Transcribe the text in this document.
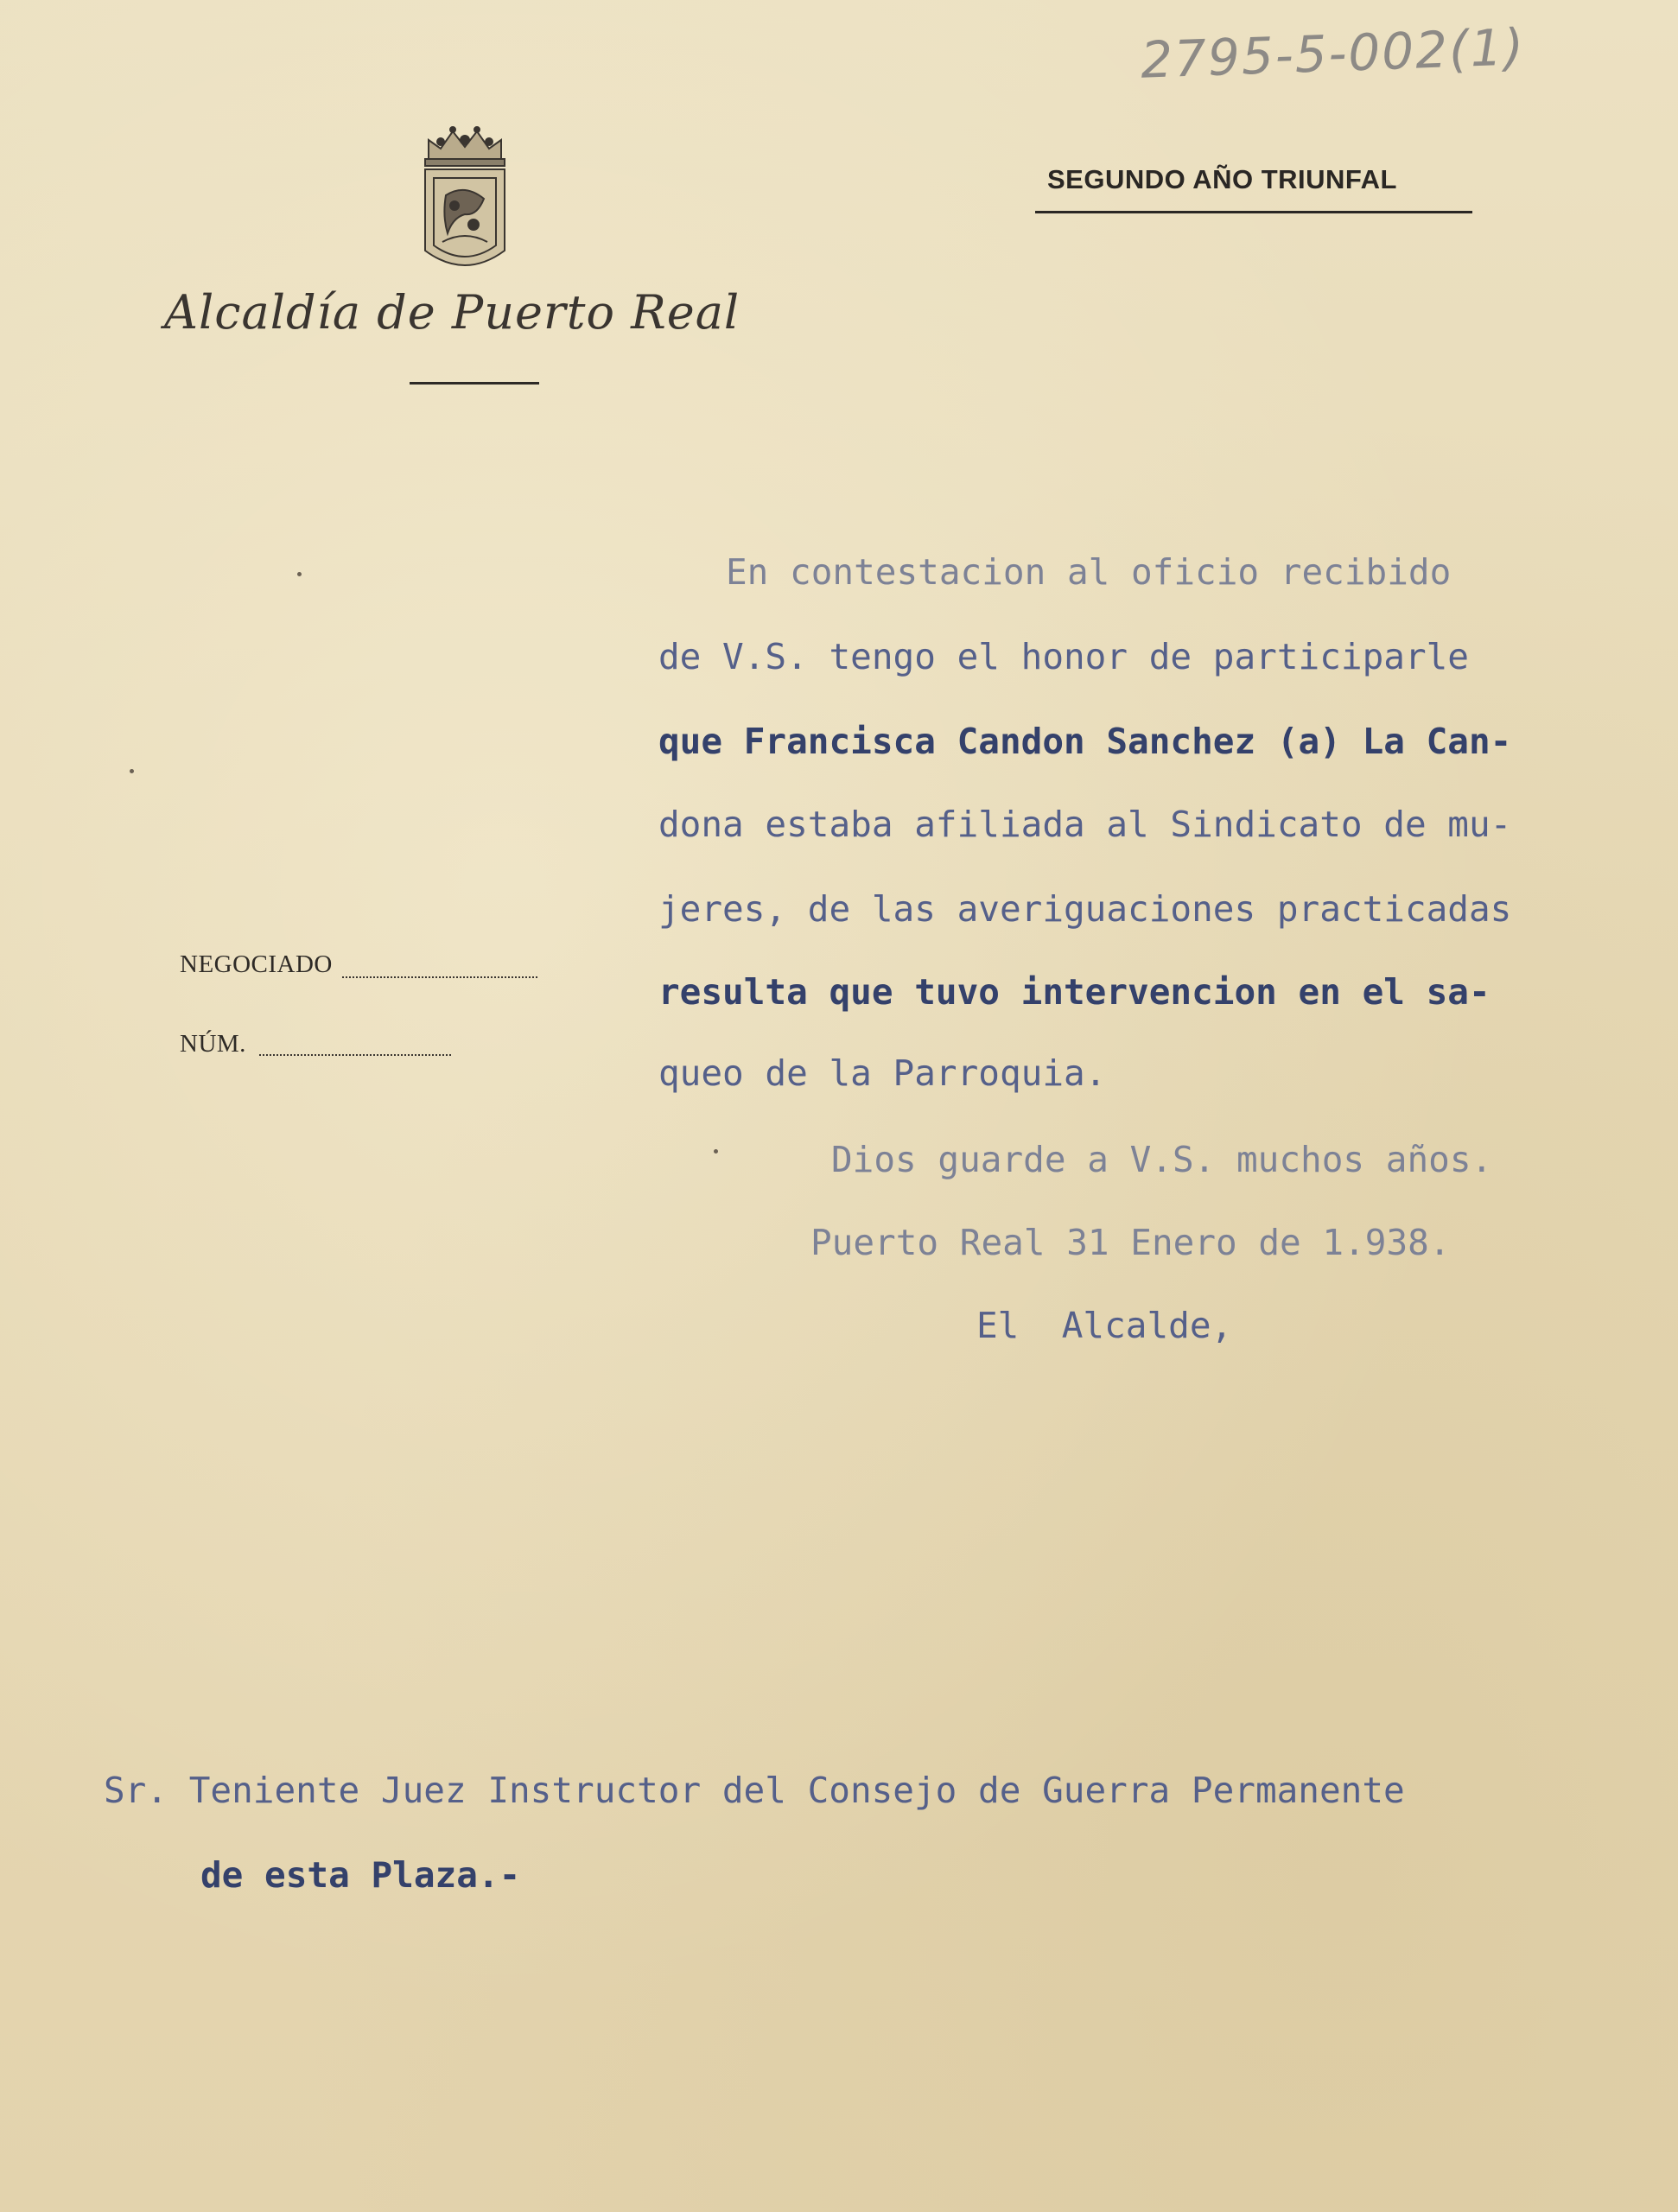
2795-5-002(1)
Alcaldía de Puerto Real
SEGUNDO AÑO TRIUNFAL
NEGOCIADO
NÚM.
En contestacion al oficio recibido
de V.S. tengo el honor de participarle
que Francisca Candon Sanchez (a) La Can-
dona estaba afiliada al Sindicato de mu-
jeres, de las averiguaciones practicadas
resulta que tuvo intervencion en el sa-
queo de la Parroquia.
Dios guarde a V.S. muchos años.
Puerto Real 31 Enero de 1.938.
El  Alcalde,
Sr. Teniente Juez Instructor del Consejo de Guerra Permanente
de esta Plaza.-
